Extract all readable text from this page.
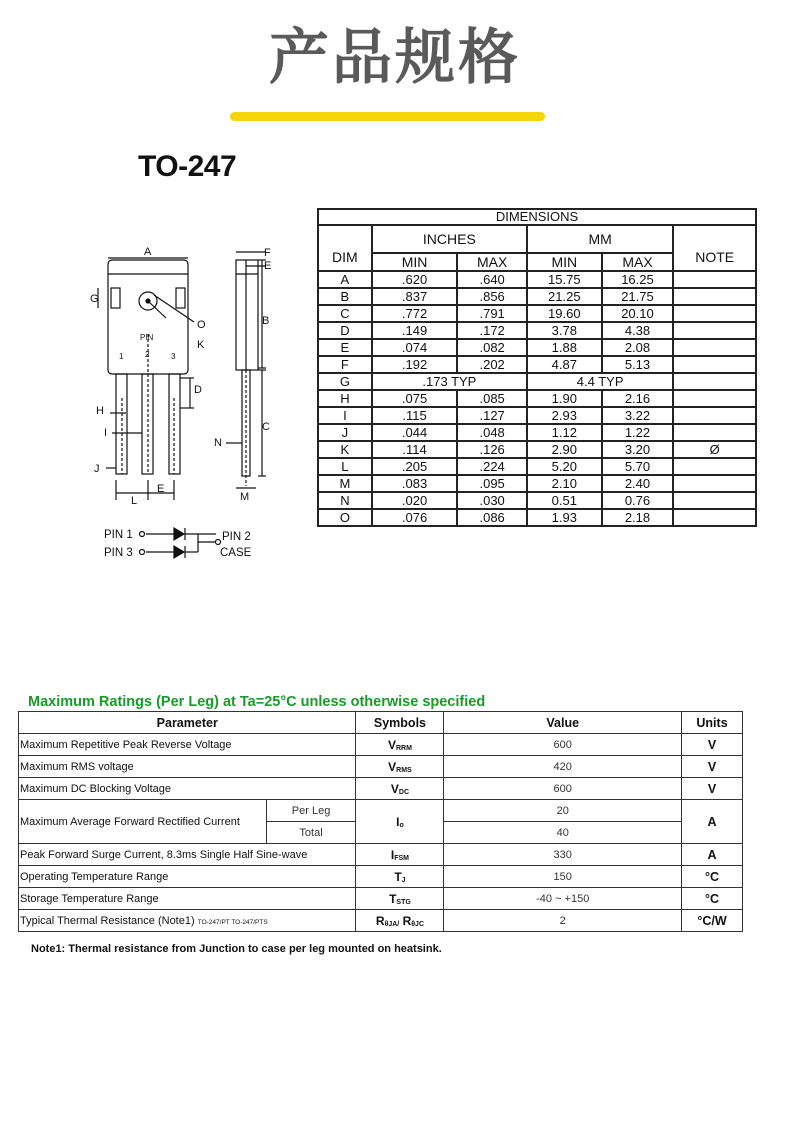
产品规格
TO-247
A	F
E
G
B
O
K
D
H
I	C
N
J
L
E
M
PIN
1	2	3
PIN 1
PIN 3
PIN 2
CASE
DIMENSIONS					
DIM	INCHES		MM		NOTE
	MIN	MAX	MIN	MAX	
A	.620	.640	15.75	16.25	
B	.837	.856	21.25	21.75	
C	.772	.791	19.60	20.10	
D	.149	.172	3.78	4.38	
E	.074	.082	1.88	2.08	
F	.192	.202	4.87	5.13	
G	.173 TYP		4.4 TYP		
H	.075	.085	1.90	2.16	
I	.115	.127	2.93	3.22	
J	.044	.048	1.12	1.22	
K	.114	.126	2.90	3.20	Ø
L	.205	.224	5.20	5.70	
M	.083	.095	2.10	2.40	
N	.020	.030	0.51	0.76	
O	.076	.086	1.93	2.18	
Maximum Ratings (Per Leg) at Ta=25°C unless otherwise specified
Parameter		Symbols	Value	Units
Maximum Repetitive Peak Reverse Voltage		$V_{RRM}$	600	V
Maximum RMS voltage		$V_{RMS}$	420	V
Maximum DC Blocking Voltage		$V_{DC}$	600	V
Maximum Average Forward Rectified Current	Per Leg	$I_o$	20	A
	Total		40	
Peak Forward Surge Current, 8.3ms Single Half Sine-wave		$I_{FSM}$	330	A
Operating Temperature Range		$T_J$	150	°C
Storage Temperature Range		$T_{STG}$	-40 ~ +150	°C
Typical Thermal Resistance (Note1) TO-247/PT TO-247/PTS		$R_{\theta JA/}$ $R_{\theta JC}$	2	°C/W
Note1: Thermal resistance from Junction to case per leg mounted on heatsink.
